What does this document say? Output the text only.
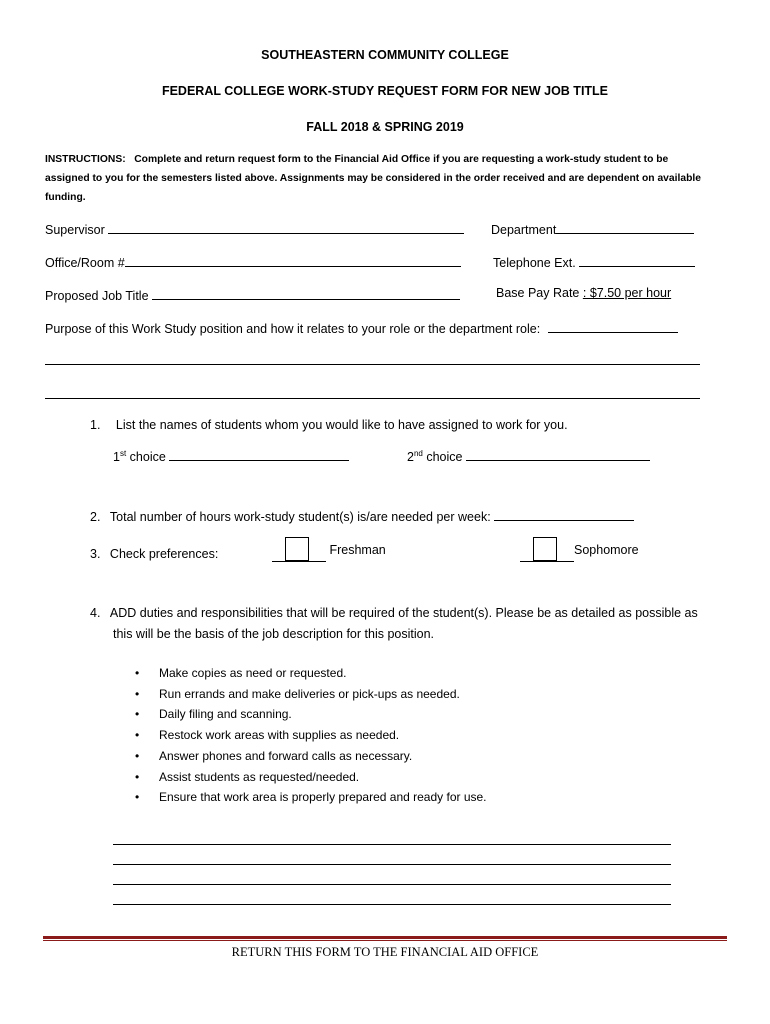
SOUTHEASTERN COMMUNITY COLLEGE
FEDERAL COLLEGE WORK-STUDY REQUEST FORM FOR NEW JOB TITLE
FALL 2018 & SPRING 2019
INSTRUCTIONS: Complete and return request form to the Financial Aid Office if you are requesting a work-study student to be assigned to you for the semesters listed above. Assignments may be considered in the order received and are dependent on available funding.
Supervisor	Department
Office/Room #	Telephone Ext.
Proposed Job Title	Base Pay Rate : $7.50 per hour
Purpose of this Work Study position and how it relates to your role or the department role:
1. List the names of students whom you would like to have assigned to work for you.
1st choice	2nd choice
2. Total number of hours work-study student(s) is/are needed per week:
3. Check preferences:	Freshman	Sophomore
4. ADD duties and responsibilities that will be required of the student(s). Please be as detailed as possible as
this will be the basis of the job description for this position.
• Make copies as need or requested.
• Run errands and make deliveries or pick-ups as needed.
• Daily filing and scanning.
• Restock work areas with supplies as needed.
• Answer phones and forward calls as necessary.
• Assist students as requested/needed.
• Ensure that work area is properly prepared and ready for use.
RETURN THIS FORM TO THE FINANCIAL AID OFFICE
